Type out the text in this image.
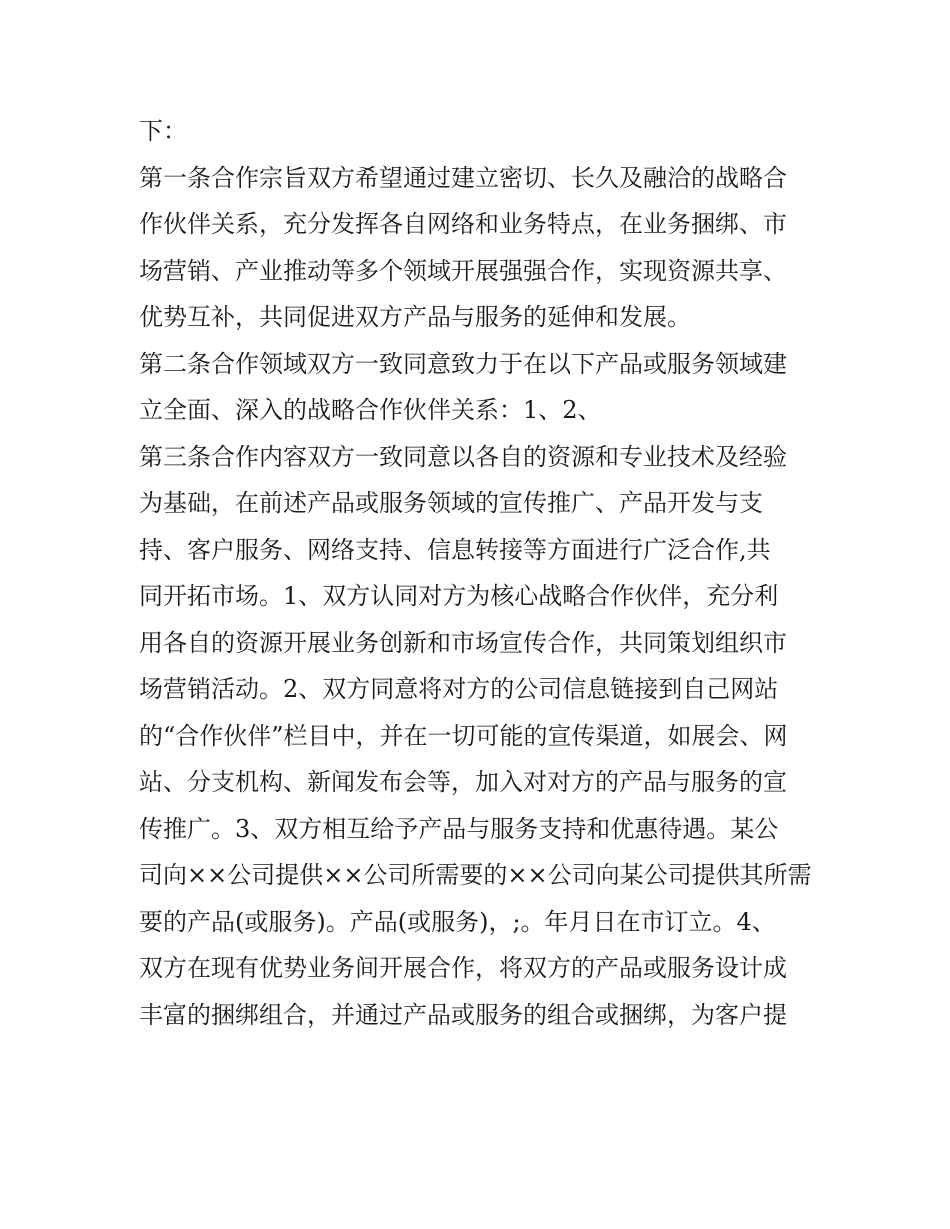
下：
第一条合作宗旨双方希望通过建立密切、长久及融洽的战略合
作伙伴关系，充分发挥各自网络和业务特点，在业务捆绑、市
场营销、产业推动等多个领域开展强强合作，实现资源共享、
优势互补，共同促进双方产品与服务的延伸和发展。
第二条合作领域双方一致同意致力于在以下产品或服务领域建
立全面、深入的战略合作伙伴关系：1、2、
第三条合作内容双方一致同意以各自的资源和专业技术及经验
为基础，在前述产品或服务领域的宣传推广、产品开发与支
持、客户服务、网络支持、信息转接等方面进行广泛合作,共
同开拓市场。1、双方认同对方为核心战略合作伙伴，充分利
用各自的资源开展业务创新和市场宣传合作，共同策划组织市
场营销活动。2、双方同意将对方的公司信息链接到自己网站
的“合作伙伴”栏目中，并在一切可能的宣传渠道，如展会、网
站、分支机构、新闻发布会等，加入对对方的产品与服务的宣
传推广。3、双方相互给予产品与服务支持和优惠待遇。某公
司向××公司提供××公司所需要的××公司向某公司提供其所需
要的产品(或服务)。产品(或服务)，;。年月日在市订立。4、
双方在现有优势业务间开展合作，将双方的产品或服务设计成
丰富的捆绑组合，并通过产品或服务的组合或捆绑，为客户提
